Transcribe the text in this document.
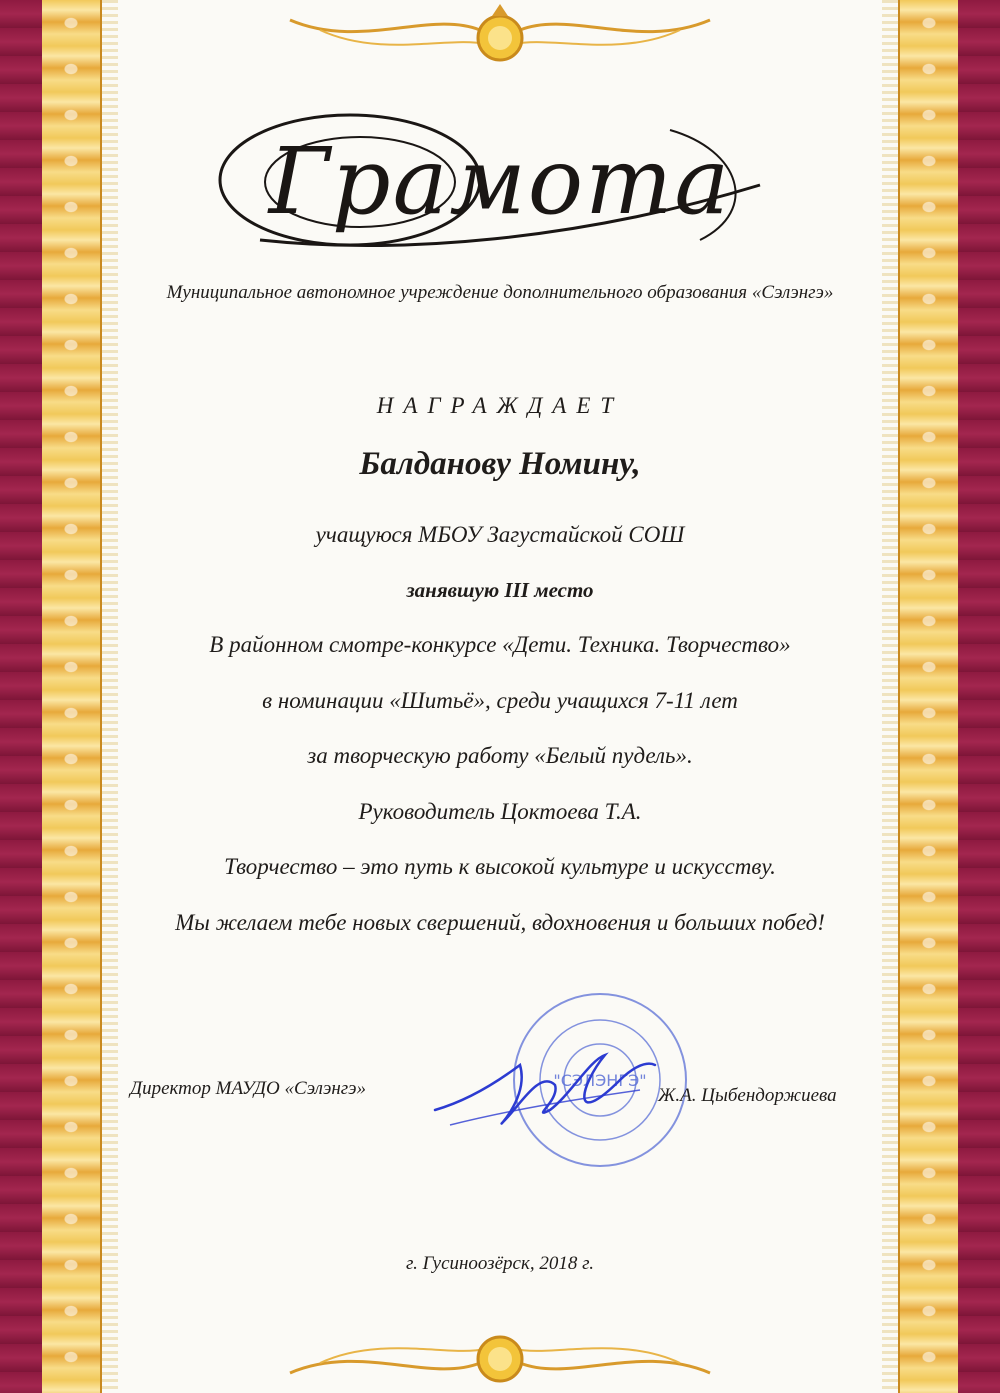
Грамота
Муниципальное автономное учреждение дополнительного образования «Сэлэнгэ»
НАГРАЖДАЕТ
Балданову Номину,
учащуюся МБОУ Загустайской СОШ
занявшую III место
В районном смотре-конкурсе «Дети. Техника. Творчество»
в номинации «Шитьё», среди учащихся 7-11 лет
за творческую работу «Белый пудель».
Руководитель Цоктоева Т.А.
Творчество – это путь к высокой культуре и искусству.
Мы желаем тебе новых свершений, вдохновения и больших побед!
Директор МАУДО «Сэлэнгэ»	"СЭЛЭНГЭ"
Ж.А. Цыбендоржиева
г. Гусиноозёрск, 2018 г.
